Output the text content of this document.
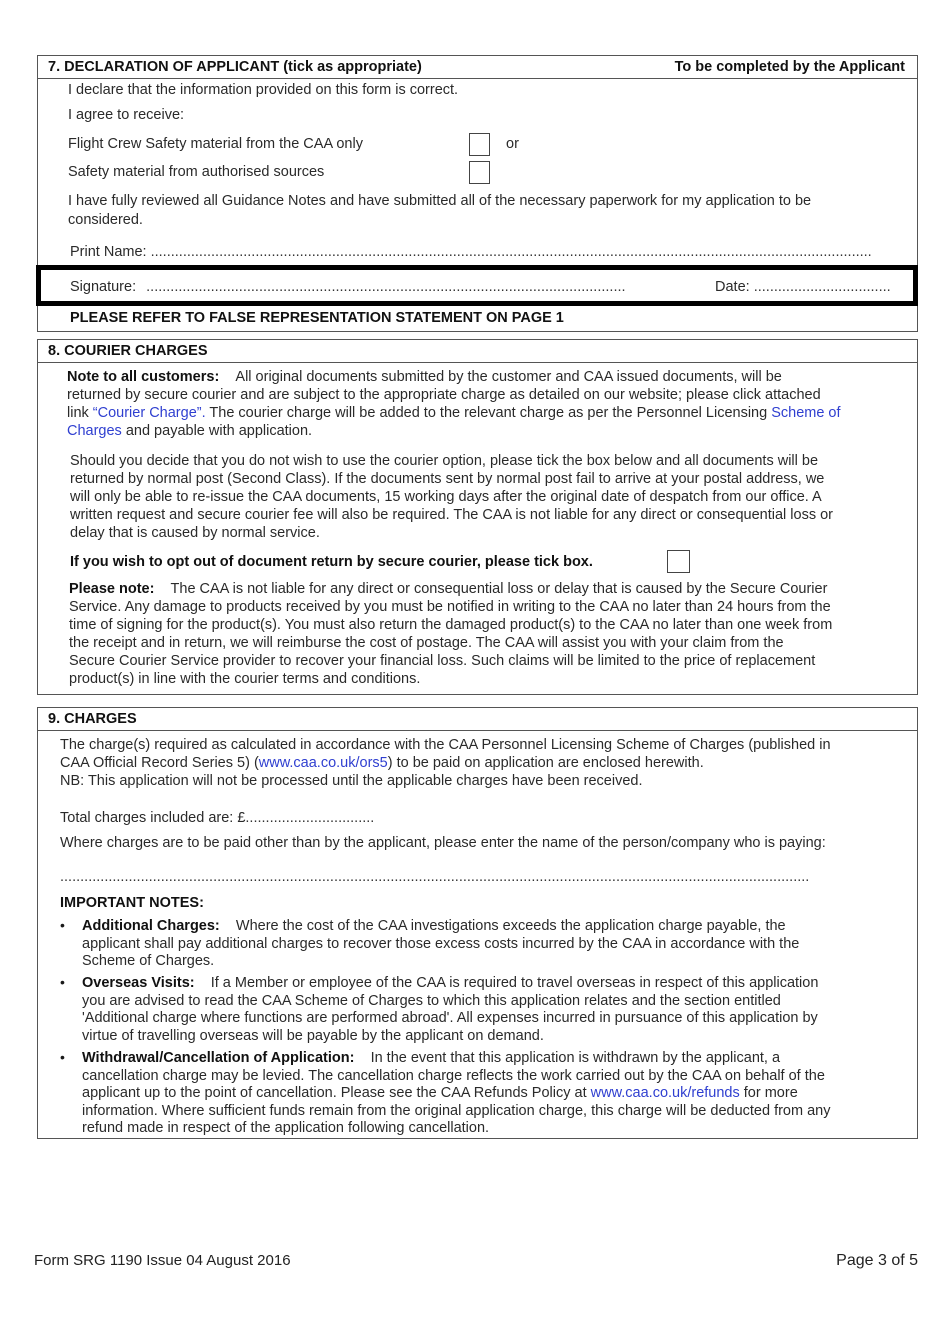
7. DECLARATION OF APPLICANT (tick as appropriate)	To be completed by the Applicant
I declare that the information provided on this form is correct.
I agree to receive:
Flight Crew Safety material from the CAA only	or
Safety material from authorised sources
I have fully reviewed all Guidance Notes and have submitted all of the necessary paperwork for my application to be
considered.
Print Name: ...................................................................................................................................................................................
Signature: .......................................................................................................................	Date: ..................................
PLEASE REFER TO FALSE REPRESENTATION STATEMENT ON PAGE 1
8. COURIER CHARGES
Note to all customers: All original documents submitted by the customer and CAA issued documents, will be
returned by secure courier and are subject to the appropriate charge as detailed on our website; please click attached
link “Courier Charge”. The courier charge will be added to the relevant charge as per the Personnel Licensing Scheme of
Charges and payable with application.
Should you decide that you do not wish to use the courier option, please tick the box below and all documents will be
returned by normal post (Second Class). If the documents sent by normal post fail to arrive at your postal address, we
will only be able to re-issue the CAA documents, 15 working days after the original date of despatch from our office. A
written request and secure courier fee will also be required. The CAA is not liable for any direct or consequential loss or
delay that is caused by normal service.
If you wish to opt out of document return by secure courier, please tick box.
Please note: The CAA is not liable for any direct or consequential loss or delay that is caused by the Secure Courier
Service. Any damage to products received by you must be notified in writing to the CAA no later than 24 hours from the
time of signing for the product(s). You must also return the damaged product(s) to the CAA no later than one week from
the receipt and in return, we will reimburse the cost of postage. The CAA will assist you with your claim from the
Secure Courier Service provider to recover your financial loss. Such claims will be limited to the price of replacement
product(s) in line with the courier terms and conditions.
9. CHARGES
The charge(s) required as calculated in accordance with the CAA Personnel Licensing Scheme of Charges (published in
CAA Official Record Series 5) (www.caa.co.uk/ors5) to be paid on application are enclosed herewith.
NB: This application will not be processed until the applicable charges have been received.
Total charges included are: £................................
Where charges are to be paid other than by the applicant, please enter the name of the person/company who is paying:
..........................................................................................................................................................................................
IMPORTANT NOTES:
• Additional Charges: Where the cost of the CAA investigations exceeds the application charge payable, the
applicant shall pay additional charges to recover those excess costs incurred by the CAA in accordance with the
Scheme of Charges.
• Overseas Visits: If a Member or employee of the CAA is required to travel overseas in respect of this application
you are advised to read the CAA Scheme of Charges to which this application relates and the section entitled
'Additional charge where functions are performed abroad'. All expenses incurred in pursuance of this application by
virtue of travelling overseas will be payable by the applicant on demand.
• Withdrawal/Cancellation of Application: In the event that this application is withdrawn by the applicant, a
cancellation charge may be levied. The cancellation charge reflects the work carried out by the CAA on behalf of the
applicant up to the point of cancellation. Please see the CAA Refunds Policy at www.caa.co.uk/refunds for more
information. Where sufficient funds remain from the original application charge, this charge will be deducted from any
refund made in respect of the application following cancellation.
Form SRG 1190 Issue 04 August 2016	Page 3 of 5
